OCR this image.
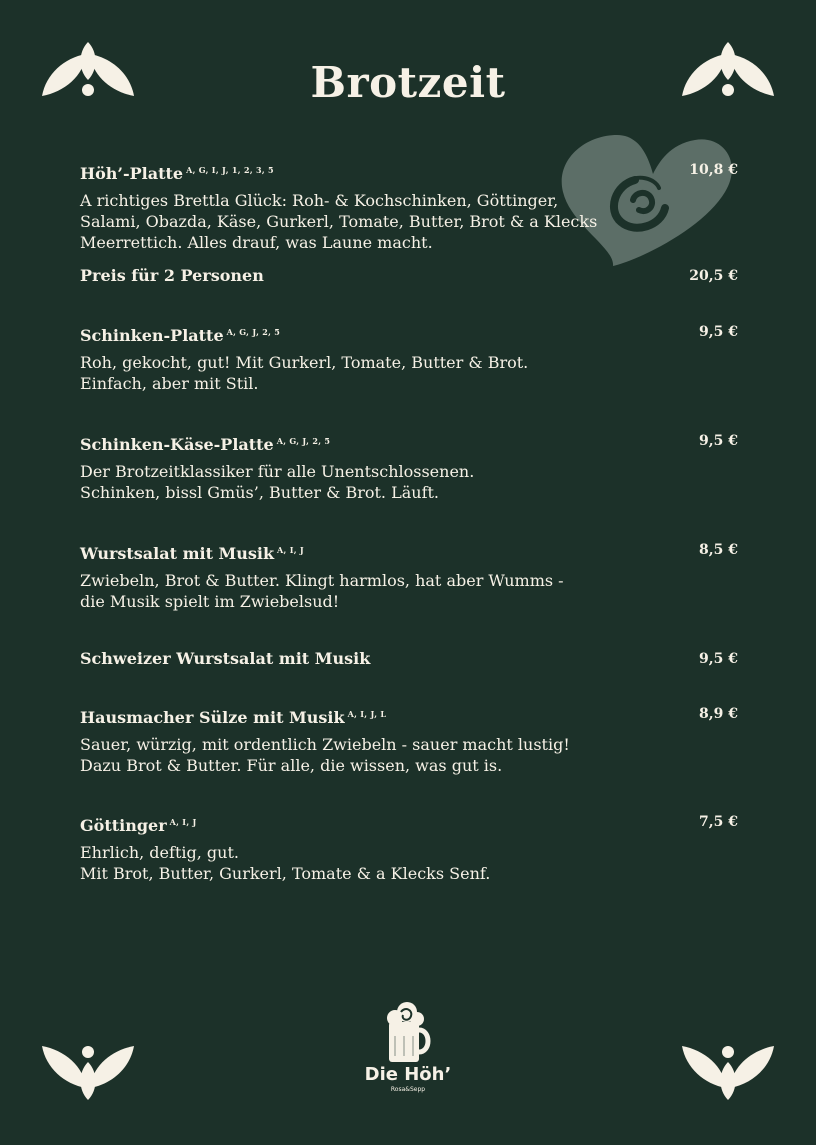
Brotzeit
Höh’-Platte $^{A, G, I, J, 1, 2, 3, 5}$	10,8 €
A richtiges Brettla Glück: Roh- & Kochschinken, Göttinger,
Salami, Obazda, Käse, Gurkerl, Tomate, Butter, Brot & a Klecks
Meerrettich. Alles drauf, was Laune macht.
Preis für 2 Personen	20,5 €
Schinken-Platte $^{A, G, J, 2, 5}$	9,5 €
Roh, gekocht, gut! Mit Gurkerl, Tomate, Butter & Brot.
Einfach, aber mit Stil.
Schinken-Käse-Platte $^{A, G, J, 2, 5}$	9,5 €
Der Brotzeitklassiker für alle Unentschlossenen.
Schinken, bissl Gmüs’, Butter & Brot. Läuft.
Wurstsalat mit Musik $^{A, I, J}$	8,5 €
Zwiebeln, Brot & Butter. Klingt harmlos, hat aber Wumms -
die Musik spielt im Zwiebelsud!
Schweizer Wurstsalat mit Musik	9,5 €
Hausmacher Sülze mit Musik $^{A, I, J, L}$	8,9 €
Sauer, würzig, mit ordentlich Zwiebeln - sauer macht lustig!
Dazu Brot & Butter. Für alle, die wissen, was gut is.
Göttinger $^{A, I, J}$	7,5 €
Ehrlich, deftig, gut.
Mit Brot, Butter, Gurkerl, Tomate & a Klecks Senf.
Die Höh’
Rosa&Sepp
